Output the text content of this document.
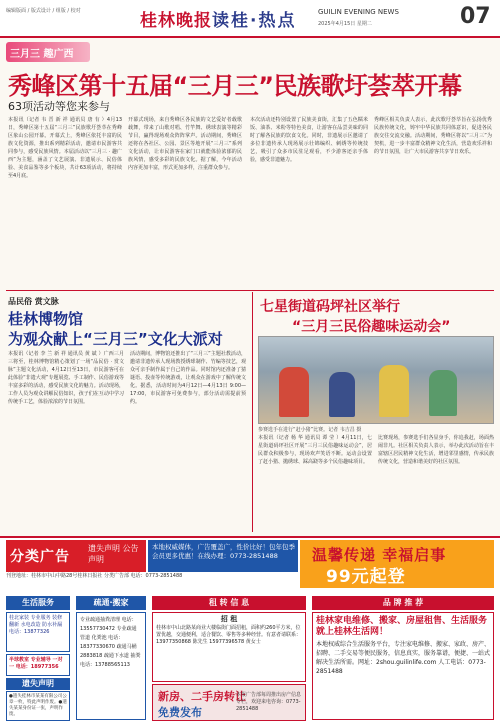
编辑版面 / 版式设计 / 组版 / 校对	桂林晚报 读桂·热点	GUILIN EVENING NEWS
2025年4月15日 星期二	07
三月三 趣广西
秀峰区第十五届“三月三”民族歌圩荟萃开幕
63项活动等您来参与
本报讯（记者 韦 晋 新 祥 通讯员 唐 有 ）4月13日，秀峰区第十五届“三月三”民族歌圩荟萃在秀峰区象山公园开幕。开幕式上，秀峰区依托丰富的民族文化资源，推出系列精彩活动，邀请市民游客共同参与，感受民族风情。本届活动以“三月三 · 趣广西”为主题，涵盖了文艺展演、非遗展示、民俗体验、美食品鉴等多个板块，共计63项活动，将持续至4月底。
开幕式现场，来自秀峰区各民族的文艺爱好者载歌载舞，带来了山歌对唱、竹竿舞、绣球表演等精彩节目，赢得现场观众阵阵掌声。活动期间，秀峰区还将在各社区、公园、景区等地开展“三月三”系列文化活动，让市民游客在家门口就能体验浓郁的民族风情，感受多彩的民族文化。据了解，今年活动内容更加丰富，形式更加多样，注重群众参与。
本次活动还特别设置了民族美食街，汇集了五色糯米饭、油茶、米粉等特色美食，让游客在品尝美味的同时了解各民族的饮食文化。同时，非遗展示区邀请了多位非遗传承人现场展示壮锦编织、刺绣等传统技艺，吸引了众多市民驻足观看，不少游客还亲手体验，感受非遗魅力。
秀峰区相关负责人表示，此次歌圩荟萃旨在弘扬优秀民族传统文化，铸牢中华民族共同体意识，促进各民族交往交流交融。活动期间，秀峰区将以“三月三”为契机，进一步丰富群众精神文化生活，营造欢乐祥和的节日氛围，让广大市民游客共享节日欢乐。
品民俗 赏文脉
桂林博物馆
为观众献上“三月三”文化大派对
本报讯（记者 李 兰 新 祥 通讯员 黄 斌 ）广西三月三将至，桂林博物馆精心策划了一场“品民俗 · 赏文脉”主题文化活动，4月12日至13日，市民游客可在此体验“非遗大观”专题展览、手工制作、民俗游戏等丰富多彩的活动，感受民族文化的魅力。活动现场，工作人员为观众讲解民俗知识，孩子们在互动中学习传统手工艺，体验浓浓的节日氛围。
活动期间，博物馆还推出了“三月三”主题社教活动，邀请非遗传承人现场教授绣球制作、竹编等技艺，观众可亲手制作属于自己的作品。同时馆内还准备了猜谜语、投壶等传统游戏，让观众在游戏中了解传统文化。据悉，活动时间为4月12日—4月13日 9:00—17:00，市民游客可免费参与，部分活动需提前预约。
七星街道码坪社区举行
“三月三民俗趣味运动会”
参赛选手在进行“赶小猪”比赛。记者 韦吉昌 摄
本报讯（记者 杨 华 通讯员 谭 莹 ）4月11日，七星街道码坪社区开展“三月三民俗趣味运动会”，居民群众积极参与，现场欢声笑语不断。运动会设置了赶小猪、抛绣球、踩高跷等多个民俗趣味项目。
比赛现场，参赛选手们各显身手，你追我赶，场面热闹非凡。社区相关负责人表示，举办此次活动旨在丰富辖区居民精神文化生活，增进邻里感情，传承民族传统文化，营造和谐美好的社区氛围。
分类广告
遗失声明 公告声明
本地权威媒体，广告覆盖广，性价比好！包年包季会员更多优惠！在线办理：0773-2851488	温馨传递 幸福启事
99元起登
刊登地址：桂林市中山中路28号桂林日报社 分类广告部 电话：0773-2851488
生活服务	疏通·搬家	租 转 信 息	品 牌 推 荐
桂北家装 专业服务 装修 翻新 水电改造 防水补漏 电话：13877326
半球教室 专业辅导 一对一 电话：18977356
遗失声明
●遗失桂林市某某有限公司公章一枚，特此声明作废。●遗失某某身份证一张，声明作废。
专业疏通抽粪清理 电话：13557730472 专业疏通 管道 化粪池 电话：18377330670 疏通马桶 2883818 疏通下水道 抽粪 电话：13788565113
招 租
桂林市中山北路某商业大楼临街门面招租，面积约260平方米，位置优越，交通便利，适合餐饮、零售等多种经营。有意者请联系：13977350868 陈先生 15977396578 黄女士
新房、二手房转让
免费发布
本报广告部每周推出房产信息专栏，欢迎来电咨询：0773-2851488
桂林家电维修、搬家、房屋租售、生活服务就上桂林生活网！
本地权威综合生活服务平台，专注家电维修、搬家、家政、房产、招聘、二手交易等便民服务，信息真实，服务靠谱，便捷、一站式解决生活所需。网址：2shou.guilinlife.com 人工电话：0773-2851488
